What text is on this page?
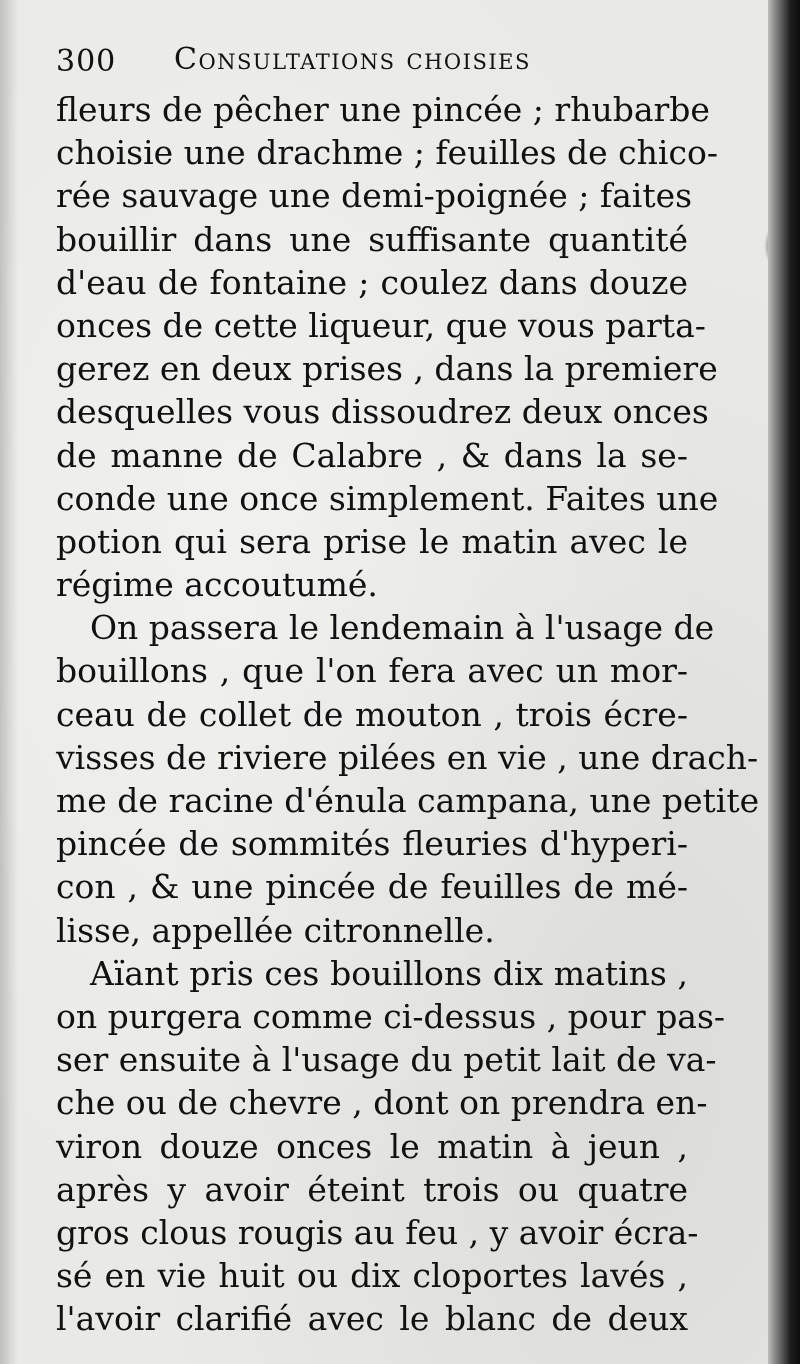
300 Consultations choisies
fleurs de pêcher une pincée ; rhubarbe
choisie une drachme ; feuilles de chico-
rée sauvage une demi-poignée ; faites
bouillir dans une suffisante quantité
d'eau de fontaine ; coulez dans douze
onces de cette liqueur, que vous parta-
gerez en deux prises , dans la premiere
desquelles vous dissoudrez deux onces
de manne de Calabre , & dans la se-
conde une once simplement. Faites une
potion qui sera prise le matin avec le
régime accoutumé.
On passera le lendemain à l'usage de
bouillons , que l'on fera avec un mor-
ceau de collet de mouton , trois écre-
visses de riviere pilées en vie , une drach-
me de racine d'énula campana, une petite
pincée de sommités fleuries d'hyperi-
con , & une pincée de feuilles de mé-
lisse, appellée citronnelle.
Aïant pris ces bouillons dix matins ,
on purgera comme ci-dessus , pour pas-
ser ensuite à l'usage du petit lait de va-
che ou de chevre , dont on prendra en-
viron douze onces le matin à jeun ,
après y avoir éteint trois ou quatre
gros clous rougis au feu , y avoir écra-
sé en vie huit ou dix cloportes lavés ,
l'avoir clarifié avec le blanc de deux
